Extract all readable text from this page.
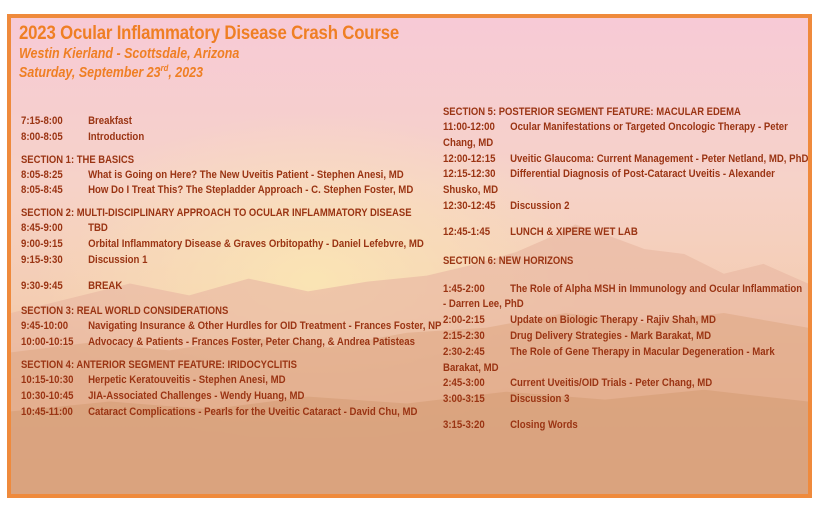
2023 Ocular Inflammatory Disease Crash Course
Westin Kierland - Scottsdale, Arizona
Saturday, September 23rd, 2023
7:15-8:00	Breakfast
8:00-8:05	Introduction
SECTION 1: THE BASICS
8:05-8:25	What is Going on Here? The New Uveitis Patient - Stephen Anesi, MD
8:05-8:45	How Do I Treat This? The Stepladder Approach - C. Stephen Foster, MD
SECTION 2: MULTI-DISCIPLINARY APPROACH TO OCULAR INFLAMMATORY DISEASE
8:45-9:00	TBD
9:00-9:15	Orbital Inflammatory Disease & Graves Orbitopathy - Daniel Lefebvre, MD
9:15-9:30	Discussion 1
9:30-9:45	BREAK
SECTION 3: REAL WORLD CONSIDERATIONS
9:45-10:00	Navigating Insurance & Other Hurdles for OID Treatment - Frances Foster, NP
10:00-10:15	Advocacy & Patients - Frances Foster, Peter Chang, & Andrea Patisteas
SECTION 4: ANTERIOR SEGMENT FEATURE: IRIDOCYCLITIS
10:15-10:30	Herpetic Keratouveitis - Stephen Anesi, MD
10:30-10:45	JIA-Associated Challenges - Wendy Huang, MD
10:45-11:00	Cataract Complications - Pearls for the Uveitic Cataract - David Chu, MD
SECTION 5: POSTERIOR SEGMENT FEATURE: MACULAR EDEMA
11:00-12:00 Ocular Manifestations or Targeted Oncologic Therapy - Peter Chang, MD
12:00-12:15	Uveitic Glaucoma: Current Management - Peter Netland, MD, PhD
12:15-12:30 Differential Diagnosis of Post-Cataract Uveitis - Alexander Shusko, MD
12:30-12:45	Discussion 2
12:45-1:45	LUNCH & XIPERE WET LAB
SECTION 6: NEW HORIZONS
1:45-2:00 The Role of Alpha MSH in Immunology and Ocular Inflammation - Darren Lee, PhD
2:00-2:15	Update on Biologic Therapy - Rajiv Shah, MD
2:15-2:30	Drug Delivery Strategies - Mark Barakat, MD
2:30-2:45 The Role of Gene Therapy in Macular Degeneration - Mark Barakat, MD
2:45-3:00	Current Uveitis/OID Trials - Peter Chang, MD
3:00-3:15	Discussion 3
3:15-3:20	Closing Words
